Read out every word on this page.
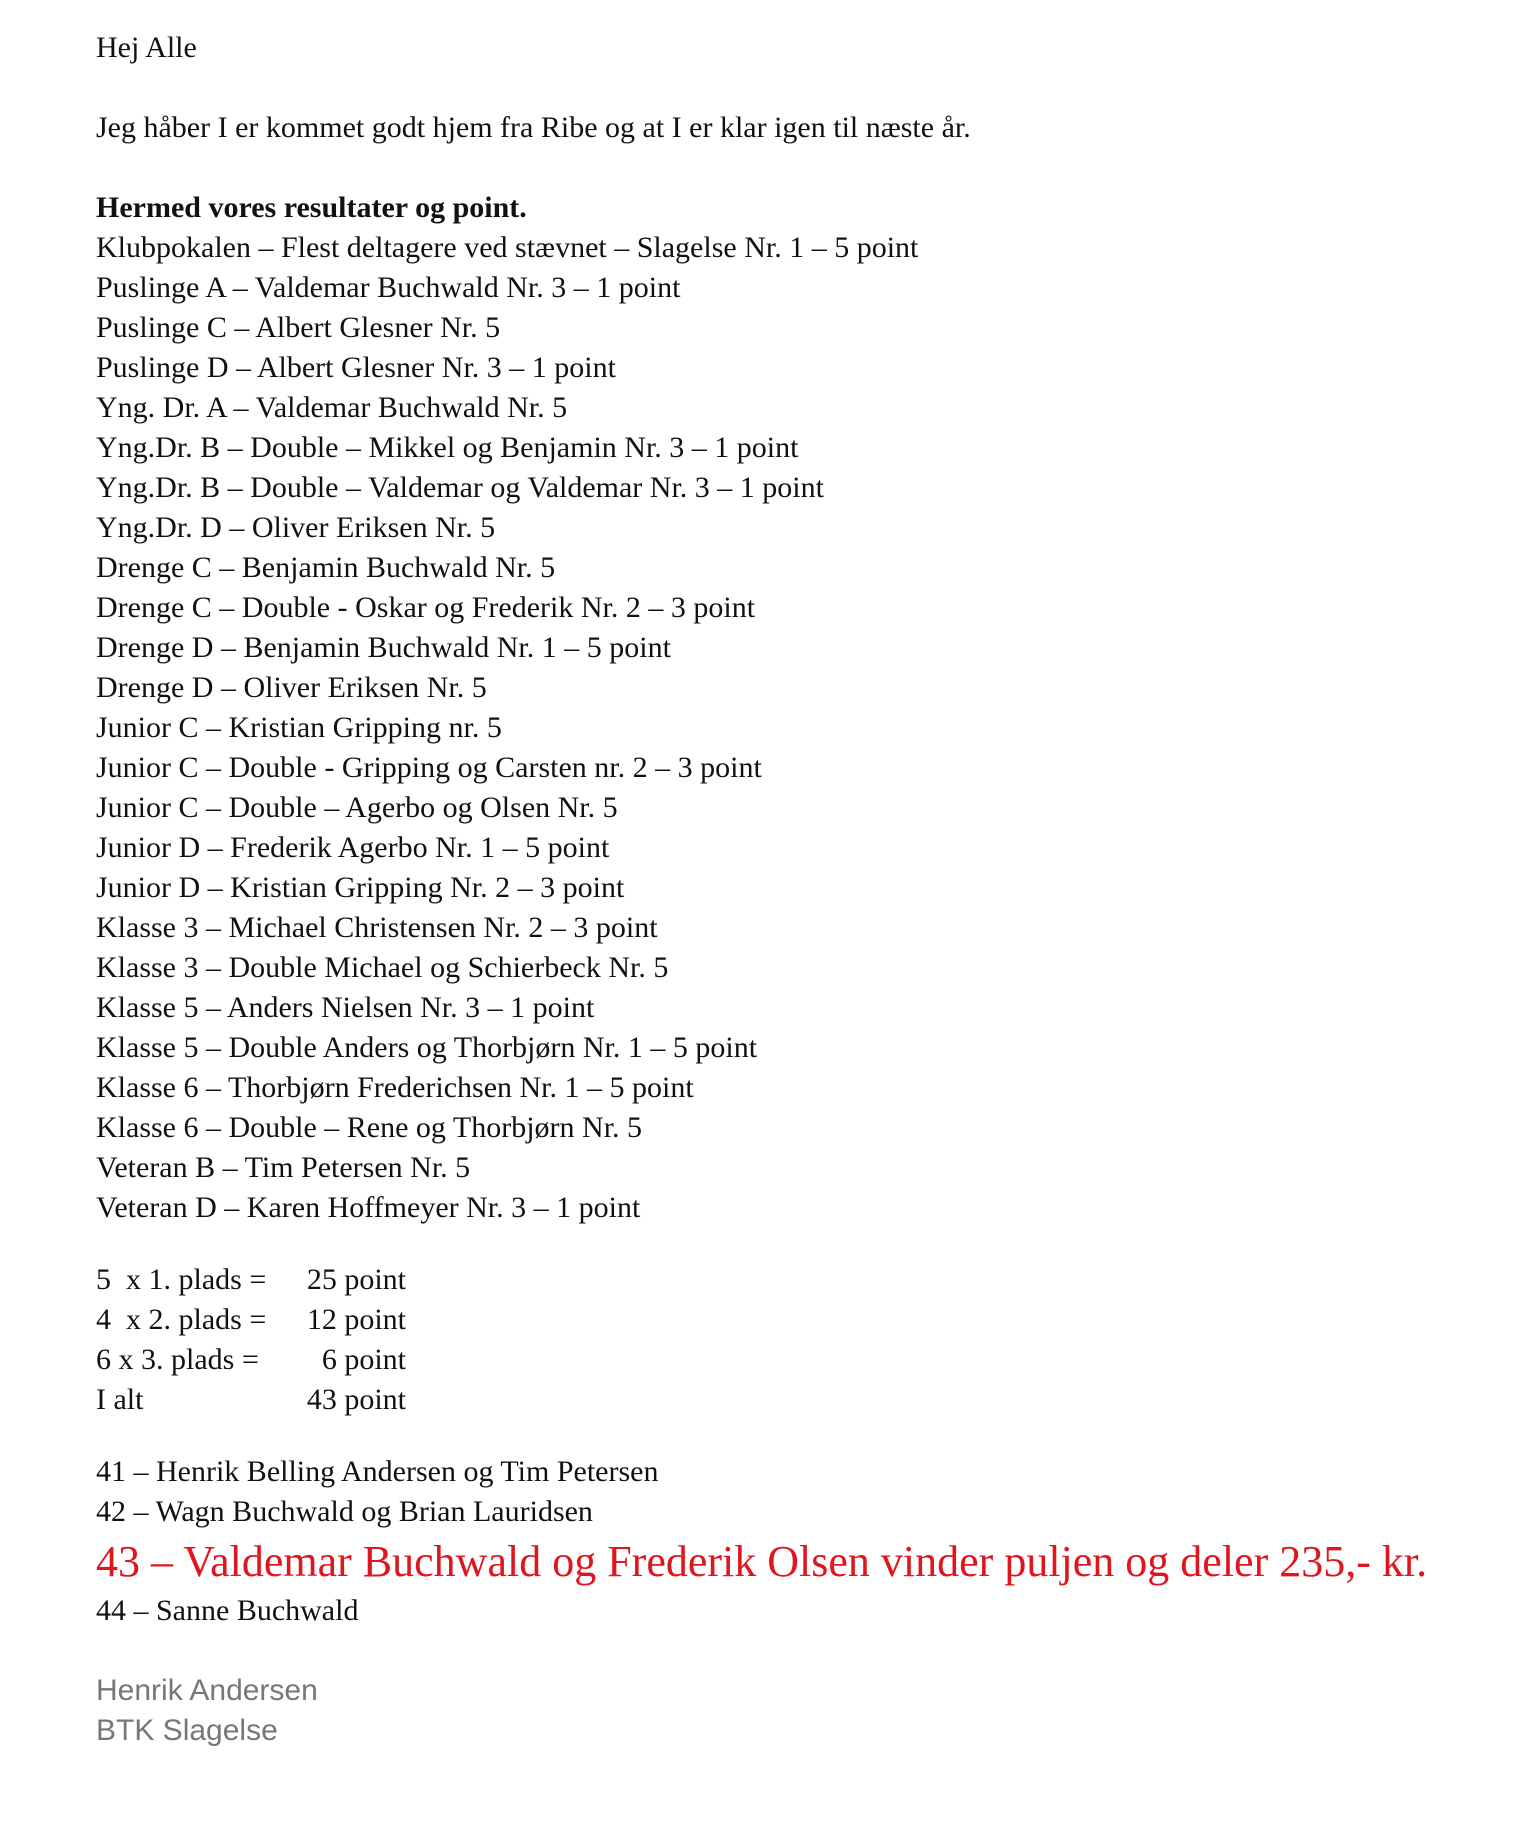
Hej Alle
Jeg håber I er kommet godt hjem fra Ribe og at I er klar igen til næste år.
Hermed vores resultater og point.
Klubpokalen – Flest deltagere ved stævnet – Slagelse Nr. 1 – 5 point
Puslinge A – Valdemar Buchwald Nr. 3 – 1 point
Puslinge C – Albert Glesner Nr. 5
Puslinge D – Albert Glesner Nr. 3 – 1 point
Yng. Dr. A – Valdemar Buchwald Nr. 5
Yng.Dr. B – Double – Mikkel og Benjamin Nr. 3 – 1 point
Yng.Dr. B – Double – Valdemar og Valdemar Nr. 3 – 1 point
Yng.Dr. D – Oliver Eriksen Nr. 5
Drenge C – Benjamin Buchwald Nr. 5
Drenge C – Double - Oskar og Frederik Nr. 2 – 3 point
Drenge D – Benjamin Buchwald Nr. 1 – 5 point
Drenge D – Oliver Eriksen Nr. 5
Junior C – Kristian Gripping nr. 5
Junior C – Double - Gripping og Carsten nr. 2 – 3 point
Junior C – Double – Agerbo og Olsen Nr. 5
Junior D – Frederik Agerbo Nr. 1 – 5 point
Junior D – Kristian Gripping Nr. 2 – 3 point
Klasse 3 – Michael Christensen Nr. 2 – 3 point
Klasse 3 – Double Michael og Schierbeck Nr. 5
Klasse 5 – Anders Nielsen Nr. 3 – 1 point
Klasse 5 – Double Anders og Thorbjørn Nr. 1 – 5 point
Klasse 6 – Thorbjørn Frederichsen Nr. 1 – 5 point
Klasse 6 – Double – Rene og Thorbjørn Nr. 5
Veteran B – Tim Petersen Nr. 5
Veteran D – Karen Hoffmeyer Nr. 3 – 1 point
5  x 1. plads = 25 point
4  x 2. plads = 12 point
6 x 3. plads = 6 point
I alt	43 point
41 – Henrik Belling Andersen og Tim Petersen
42 – Wagn Buchwald og Brian Lauridsen
43 – Valdemar Buchwald og Frederik Olsen vinder puljen og deler 235,- kr.
44 – Sanne Buchwald
Henrik Andersen
BTK Slagelse
